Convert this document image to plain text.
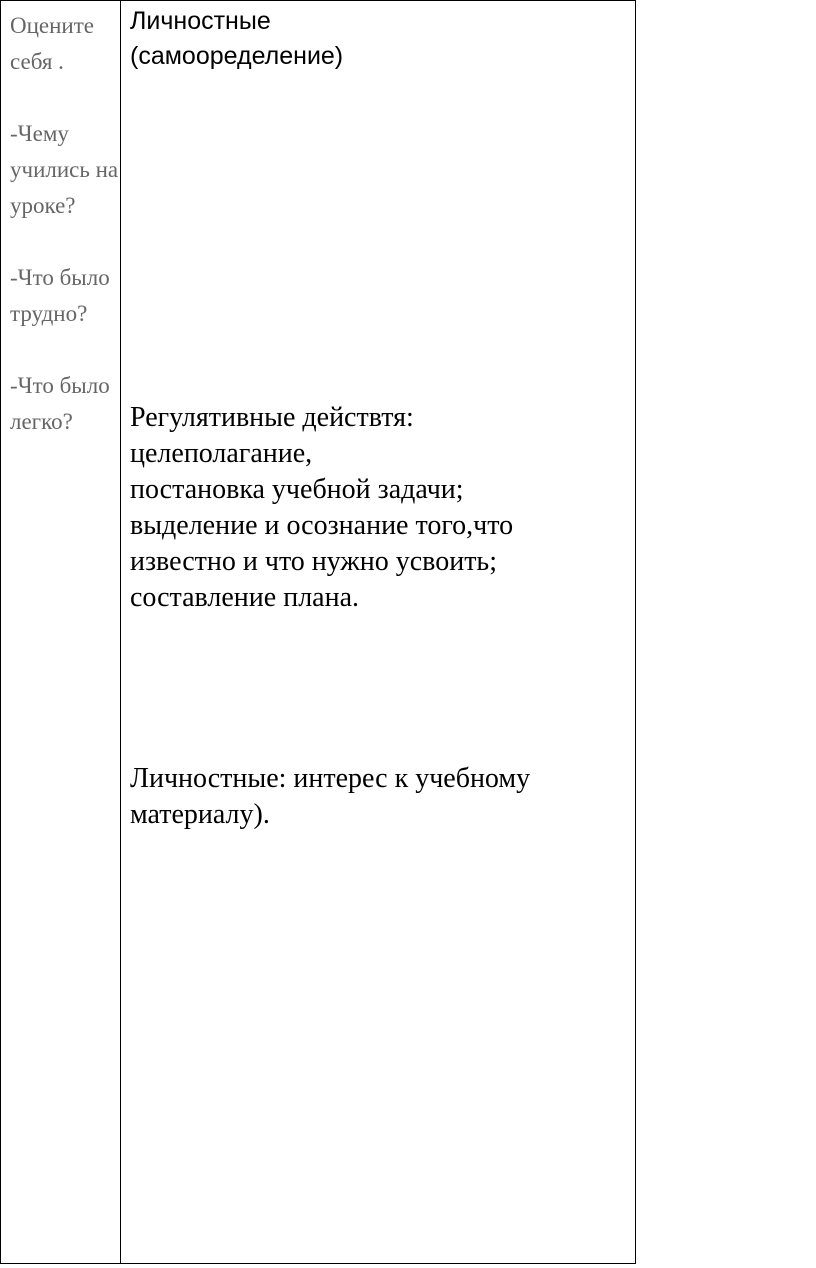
Оцените себя .

-Чему учились на уроке?

-Что было трудно?

-Что было легко?

Личностные
(самооределение)
Регулятивные действтя:
целеполагание,
постановка учебной задачи;
выделение и осознание того,что
известно и что нужно усвоить;
составление плана.
Личностные: интерес к учебному
материалу).
